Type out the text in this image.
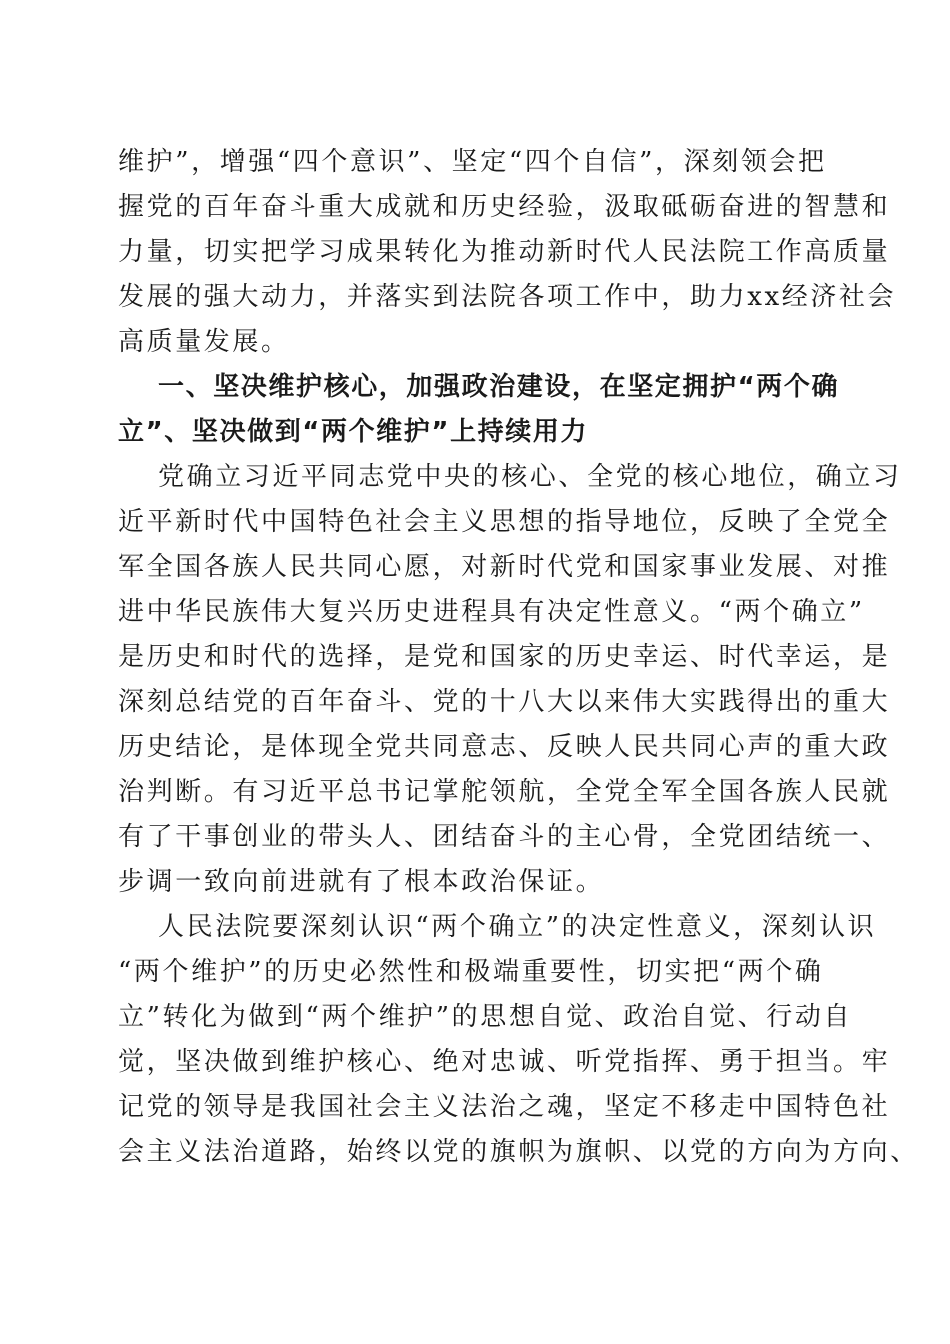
维护”，增强“四个意识”、坚定“四个自信”，深刻领会把
握党的百年奋斗重大成就和历史经验，汲取砥砺奋进的智慧和
力量，切实把学习成果转化为推动新时代人民法院工作高质量
发展的强大动力，并落实到法院各项工作中，助力xx经济社会
高质量发展。
一、坚决维护核心，加强政治建设，在坚定拥护“两个确
立”、坚决做到“两个维护”上持续用力
党确立习近平同志党中央的核心、全党的核心地位，确立习
近平新时代中国特色社会主义思想的指导地位，反映了全党全
军全国各族人民共同心愿，对新时代党和国家事业发展、对推
进中华民族伟大复兴历史进程具有决定性意义。“两个确立”
是历史和时代的选择，是党和国家的历史幸运、时代幸运，是
深刻总结党的百年奋斗、党的十八大以来伟大实践得出的重大
历史结论，是体现全党共同意志、反映人民共同心声的重大政
治判断。有习近平总书记掌舵领航，全党全军全国各族人民就
有了干事创业的带头人、团结奋斗的主心骨，全党团结统一、
步调一致向前进就有了根本政治保证。
人民法院要深刻认识“两个确立”的决定性意义，深刻认识
“两个维护”的历史必然性和极端重要性，切实把“两个确
立”转化为做到“两个维护”的思想自觉、政治自觉、行动自
觉，坚决做到维护核心、绝对忠诚、听党指挥、勇于担当。牢
记党的领导是我国社会主义法治之魂，坚定不移走中国特色社
会主义法治道路，始终以党的旗帜为旗帜、以党的方向为方向、
